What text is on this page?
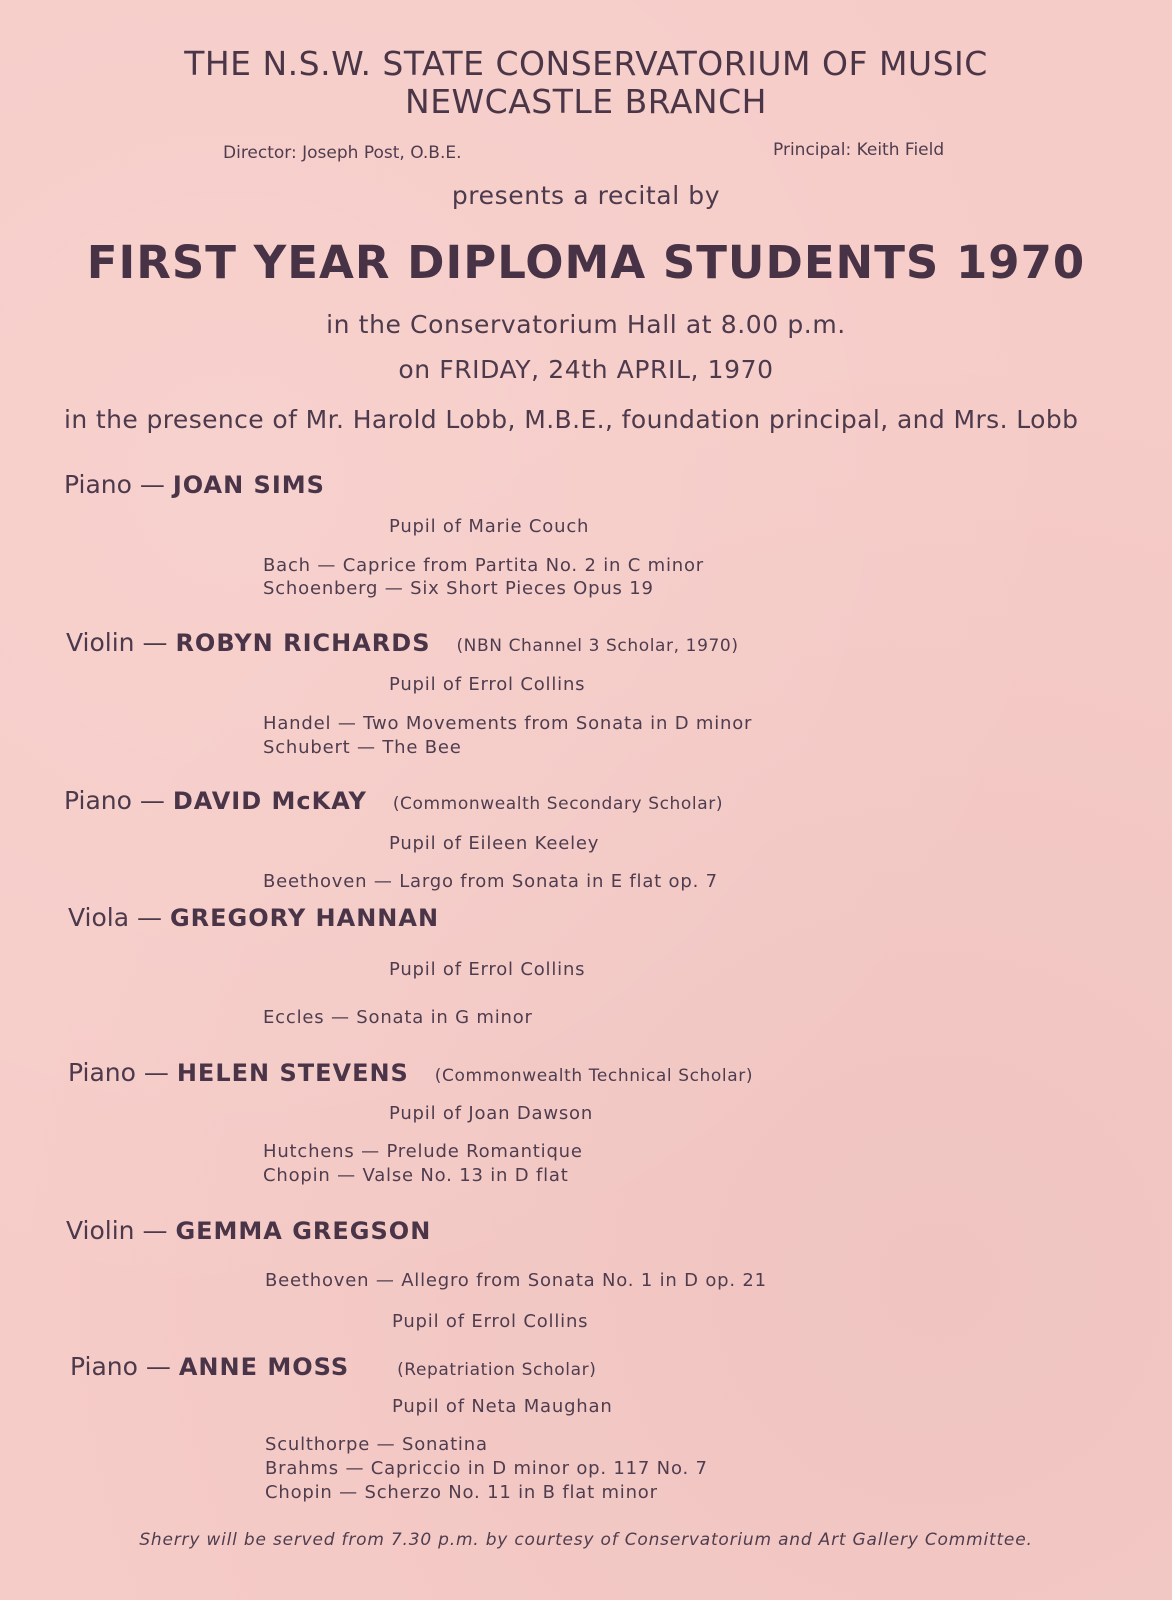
THE N.S.W. STATE CONSERVATORIUM OF MUSIC
NEWCASTLE BRANCH
Director: Joseph Post, O.B.E.	Principal: Keith Field
presents a recital by
FIRST YEAR DIPLOMA STUDENTS 1970
in the Conservatorium Hall at 8.00 p.m.
on FRIDAY, 24th APRIL, 1970
in the presence of Mr. Harold Lobb, M.B.E., foundation principal, and Mrs. Lobb
Piano — JOAN SIMS
Pupil of Marie Couch
Bach — Caprice from Partita No. 2 in C minor
Schoenberg — Six Short Pieces Opus 19
Violin — ROBYN RICHARDS (NBN Channel 3 Scholar, 1970)
Pupil of Errol Collins
Handel — Two Movements from Sonata in D minor
Schubert — The Bee
Piano — DAVID McKAY (Commonwealth Secondary Scholar)
Pupil of Eileen Keeley
Beethoven — Largo from Sonata in E flat op. 7
Viola — GREGORY HANNAN
Pupil of Errol Collins
Eccles — Sonata in G minor
Piano — HELEN STEVENS (Commonwealth Technical Scholar)
Pupil of Joan Dawson
Hutchens — Prelude Romantique
Chopin — Valse No. 13 in D flat
Violin — GEMMA GREGSON
Beethoven — Allegro from Sonata No. 1 in D op. 21
Pupil of Errol Collins
Piano — ANNE MOSS	(Repatriation Scholar)
Pupil of Neta Maughan
Sculthorpe — Sonatina
Brahms — Capriccio in D minor op. 117 No. 7
Chopin — Scherzo No. 11 in B flat minor
Sherry will be served from 7.30 p.m. by courtesy of Conservatorium and Art Gallery Committee.
